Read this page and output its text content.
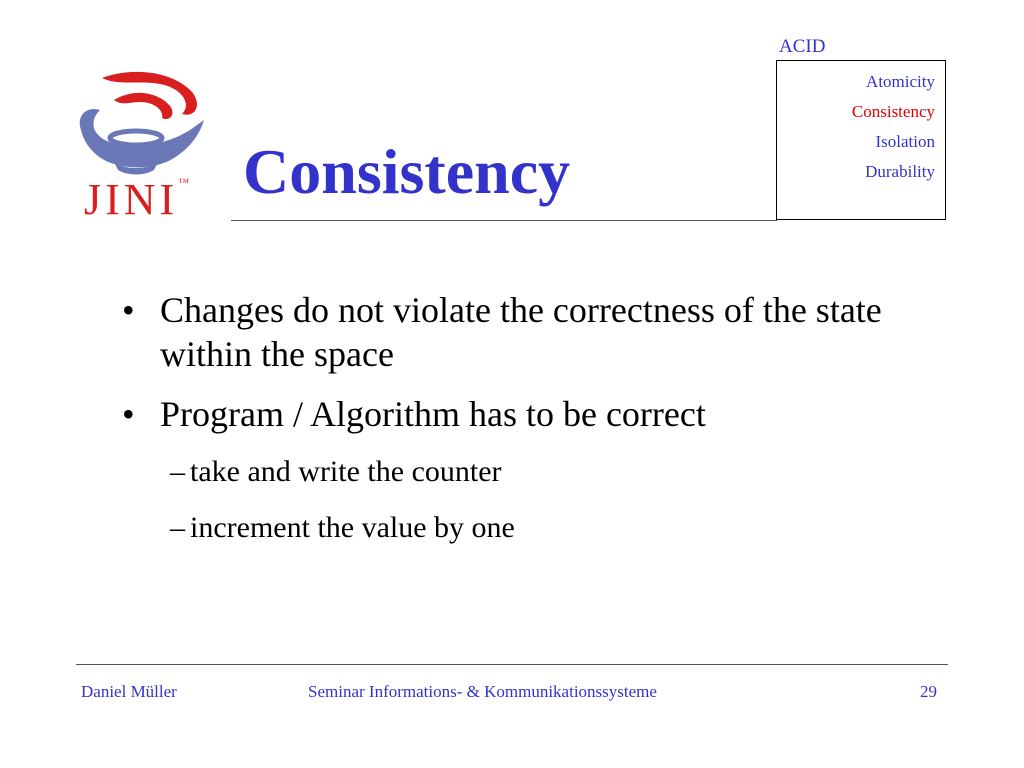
JINI™ Consistency
ACID
Atomicity
Consistency
Isolation
Durability
• Changes do not violate the correctness of the state within the space
• Program / Algorithm has to be correct
– take and write the counter
– increment the value by one
Daniel Müller	Seminar Informations- & Kommunikationssysteme	29
